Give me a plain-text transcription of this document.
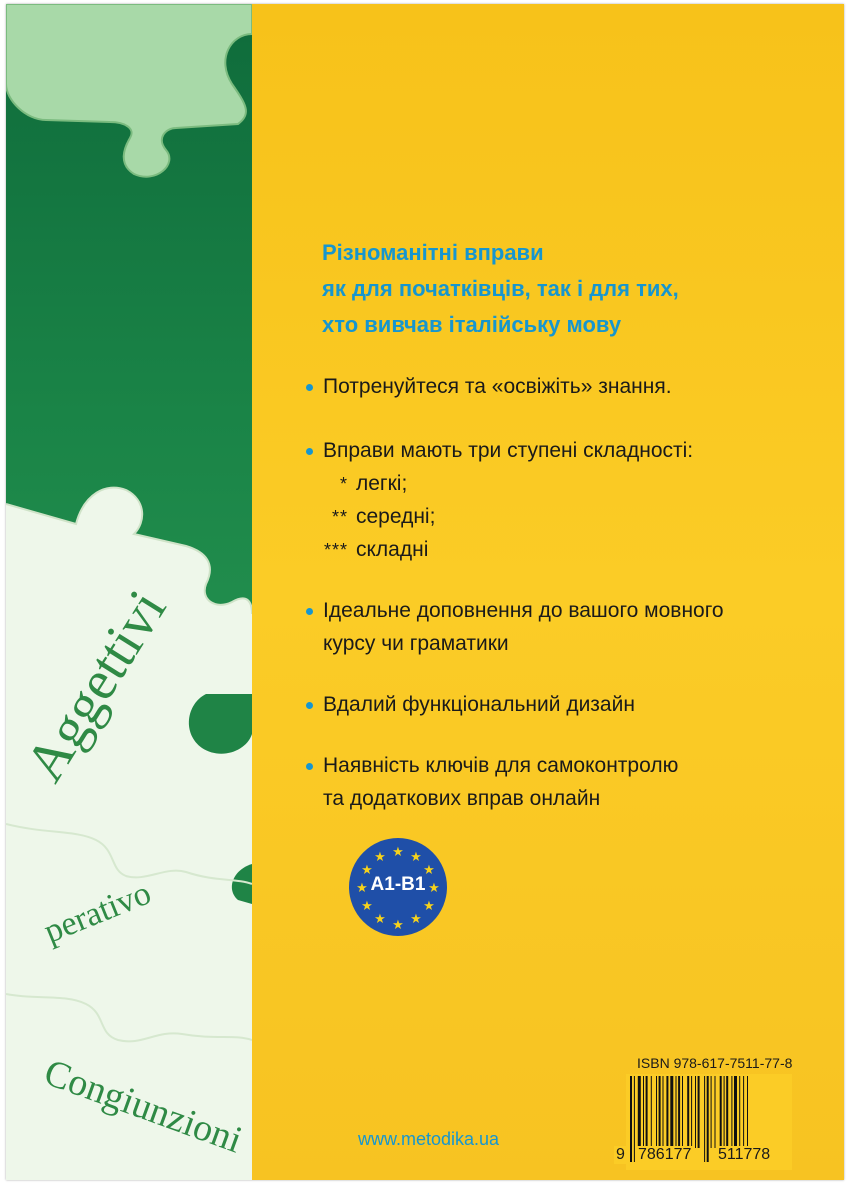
Aggettivi
perativo
Congiunzioni
Різноманітні вправи
як для початківців, так і для тих,
хто вивчав італійську мову
Потренуйтеся та «освіжіть» знання.
Вправи мають три ступені складності:
* легкі;
** середні;
*** складні
Ідеальне доповнення до вашого мовного
курсу чи граматики
Вдалий функціональний дизайн
Наявність ключів для самоконтролю
та додаткових вправ онлайн
★ ★
★
★
★
★
★
★
★
★
★
★
A1-B1
www.metodika.ua
ISBN 978-617-7511-77-8
9 786177 511778
